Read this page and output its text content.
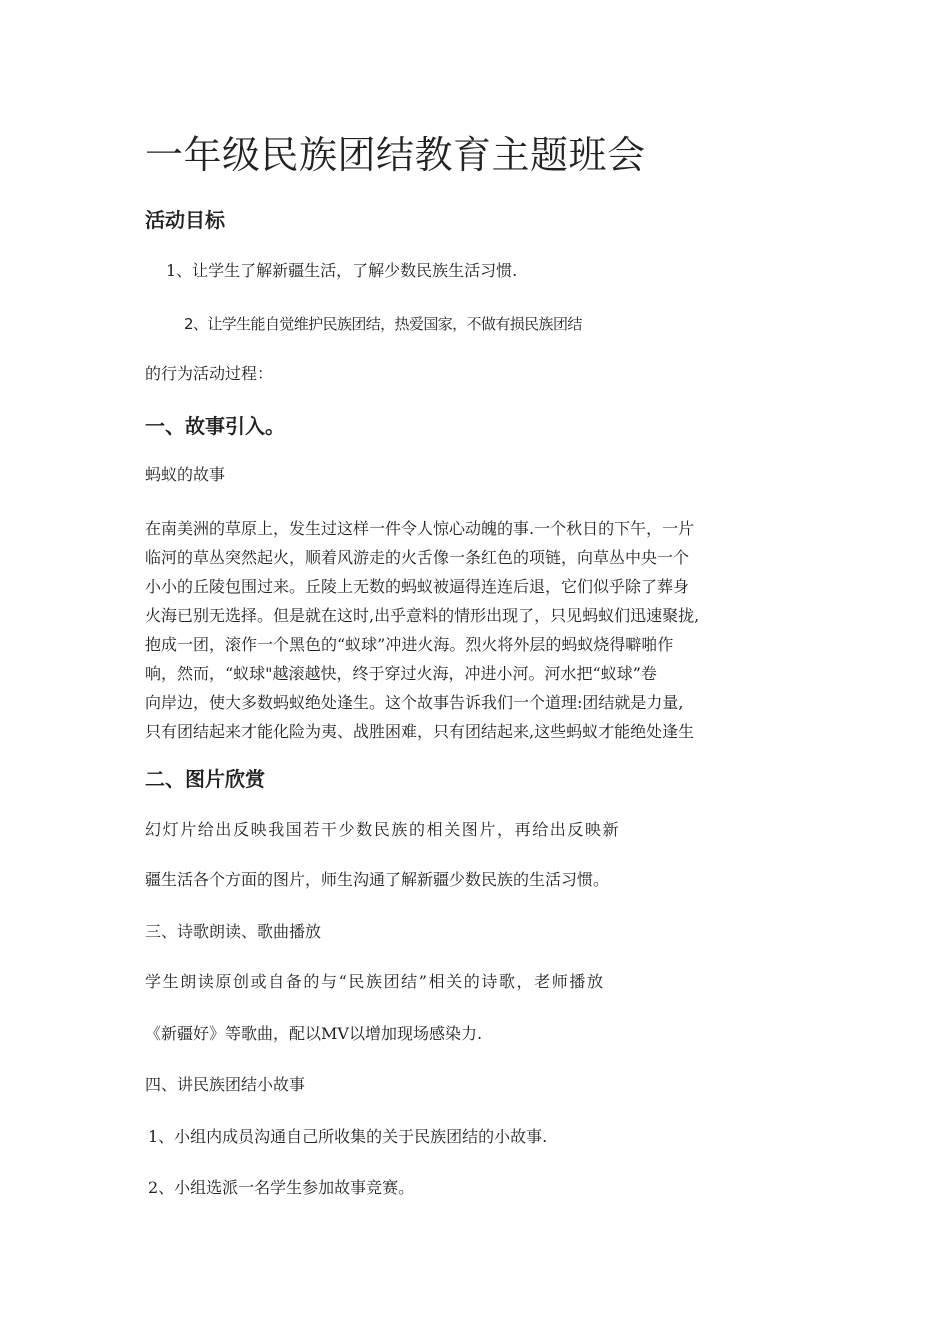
一年级民族团结教育主题班会
活动目标
1、让学生了解新疆生活，了解少数民族生活习惯.
2、让学生能自觉维护民族团结，热爱国家，不做有损民族团结
的行为活动过程：
一、故事引入。
蚂蚁的故事

在南美洲的草原上，发生过这样一件令人惊心动魄的事.一个秋日的下午，一片
临河的草丛突然起火，顺着风游走的火舌像一条红色的项链，向草丛中央一个
小小的丘陵包围过来。丘陵上无数的蚂蚁被逼得连连后退，它们似乎除了葬身
火海已别无选择。但是就在这时,出乎意料的情形出现了，只见蚂蚁们迅速聚拢,
抱成一团，滚作一个黑色的“蚁球”冲进火海。烈火将外层的蚂蚁烧得噼啪作
响，然而，“蚁球"越滚越快，终于穿过火海，冲进小河。河水把“蚁球”卷
向岸边，使大多数蚂蚁绝处逢生。这个故事告诉我们一个道理:团结就是力量,
只有团结起来才能化险为夷、战胜困难，只有团结起来,这些蚂蚁才能绝处逢生

二、图片欣赏
幻灯片给出反映我国若干少数民族的相关图片，再给出反映新
疆生活各个方面的图片，师生沟通了解新疆少数民族的生活习惯。
三、诗歌朗读、歌曲播放
学生朗读原创或自备的与“民族团结”相关的诗歌，老师播放
《新疆好》等歌曲，配以MV以增加现场感染力.
四、讲民族团结小故事
1、小组内成员沟通自己所收集的关于民族团结的小故事.
2、小组选派一名学生参加故事竞赛。
